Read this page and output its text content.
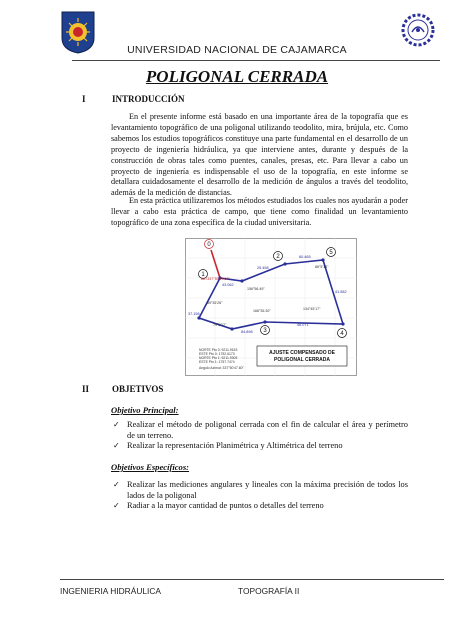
UNIVERSIDAD NACIONAL DE CAJAMARCA
POLIGONAL CERRADA
I	INTRODUCCIÓN
En el presente informe está basado en una importante área de la topografía que es levantamiento topográfico de una poligonal utilizando teodolito, mira, brújula, etc. Como sabemos los estudios topográficos constituye una parte fundamental en el desarrollo de un proyecto de ingeniería hidráulica, ya que interviene antes, durante y después de la construcción de obras tales como puentes, canales, presas, etc. Para llevar a cabo un proyecto de ingeniería es indispensable el uso de la topografía, en este informe se detallara cuidadosamente el desarrollo de la medición de ángulos a través del teodolito, además de la medición de distancias.
En esta práctica utilizaremos los métodos estudiados los cuales nos ayudarán a poder llevar a cabo esta práctica de campo, que tiene como finalidad un levantamiento topográfico de una zona específica de la ciudad universitaria.
0
1
2
3	4
5
60.465
25.458
43.062
84.898
46.071
41.582
37.156
89°35'26"
156°56.49"
86°5'15"
134°45'17"
166°35.30"
79°50'2"
Az=337°50'47.60"
NORTE Pto 0: 9211.9153 ESTE Pto 0: 1752.6173
NORTE Pto 1: 9211.9305 ESTE Pto 1: 1757.7474
Angulo Azimut: 337°50'47.60"
AJUSTE COMPENSADO DE
POLIGONAL CERRADA
II	OBJETIVOS
Objetivo Principal:
✓ Realizar el método de poligonal cerrada con el fin de calcular el área y perímetro de un terreno.
✓ Realizar la representación Planimétrica y Altimétrica del terreno
Objetivos Específicos:
✓ Realizar las mediciones angulares y lineales con la máxima precisión de todos los lados de la poligonal
✓ Radiar a la mayor cantidad de puntos o detalles del terreno
INGENIERIA HIDRÁULICA	TOPOGRAFÍA II
